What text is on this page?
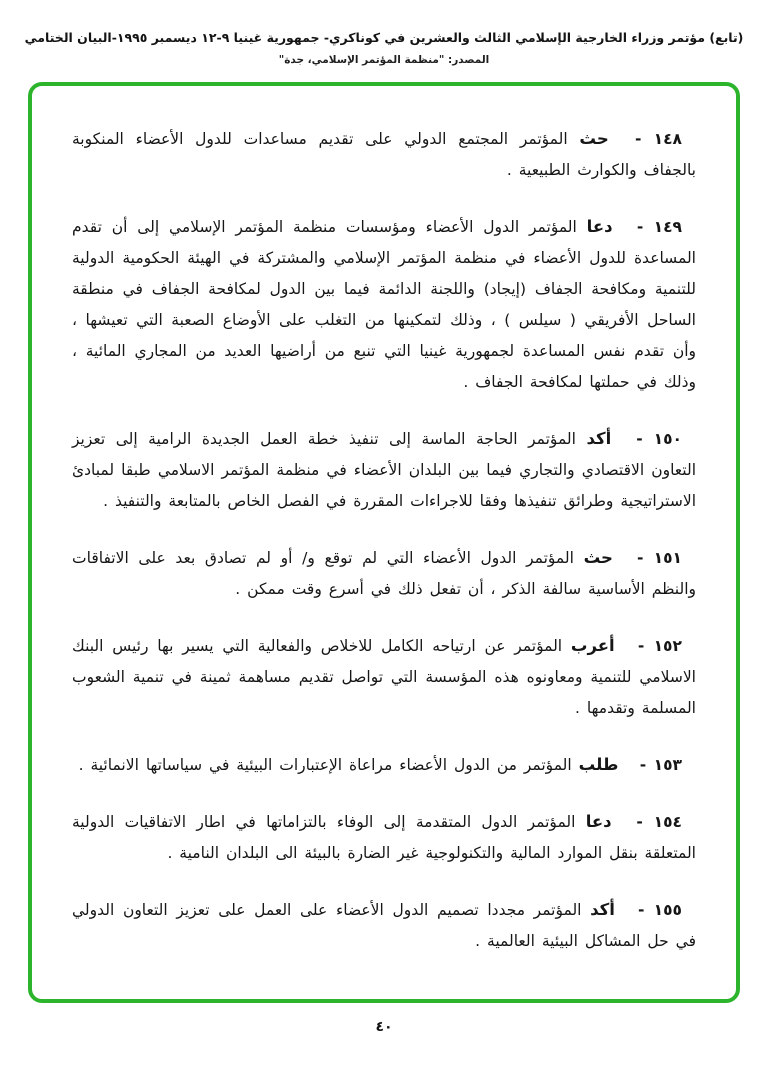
(تابع) مؤتمر وزراء الخارجية الإسلامي الثالث والعشرين في كوناكري- جمهورية غينيا ٩-١٢ ديسمبر ١٩٩٥-البيان الختامي
المصدر: "منظمة المؤتمر الإسلامي، جدة"

١٤٨ - حث المؤتمر المجتمع الدولي على تقديم مساعدات للدول الأعضاء المنكوبة بالجفاف والكوارث الطبيعية .

١٤٩ - دعا المؤتمر الدول الأعضاء ومؤسسات منظمة المؤتمر الإسلامي إلى أن تقدم المساعدة للدول الأعضاء في منظمة المؤتمر الإسلامي والمشتركة في الهيئة الحكومية الدولية للتنمية ومكافحة الجفاف (إيجاد) واللجنة الدائمة فيما بين الدول لمكافحة الجفاف في منطقة الساحل الأفريقي ( سيلس ) ، وذلك لتمكينها من التغلب على الأوضاع الصعبة التي تعيشها ، وأن تقدم نفس المساعدة لجمهورية غينيا التي تنبع من أراضيها العديد من المجاري المائية ، وذلك في حملتها لمكافحة الجفاف .

١٥٠ - أكد المؤتمر الحاجة الماسة إلى تنفيذ خطة العمل الجديدة الرامية إلى تعزيز التعاون الاقتصادي والتجاري فيما بين البلدان الأعضاء في منظمة المؤتمر الاسلامي طبقا لمبادئ الاستراتيجية وطرائق تنفيذها وفقا للاجراءات المقررة في الفصل الخاص بالمتابعة والتنفيذ .

١٥١ - حث المؤتمر الدول الأعضاء التي لم توقع و/ أو لم تصادق بعد على الاتفاقات والنظم الأساسية سالفة الذكر ، أن تفعل ذلك في أسرع وقت ممكن .

١٥٢ - أعرب المؤتمر عن ارتياحه الكامل للاخلاص والفعالية التي يسير بها رئيس البنك الاسلامي للتنمية ومعاونوه هذه المؤسسة التي تواصل تقديم مساهمة ثمينة في تنمية الشعوب المسلمة وتقدمها .

١٥٣ - طلب المؤتمر من الدول الأعضاء مراعاة الإعتبارات البيئية في سياساتها الانمائية .

١٥٤ - دعا المؤتمر الدول المتقدمة إلى الوفاء بالتزاماتها في اطار الاتفاقيات الدولية المتعلقة بنقل الموارد المالية والتكنولوجية غير الضارة بالبيئة الى البلدان النامية .

١٥٥ - أكد المؤتمر مجددا تصميم الدول الأعضاء على العمل على تعزيز التعاون الدولي في حل المشاكل البيئية العالمية .

٤٠
